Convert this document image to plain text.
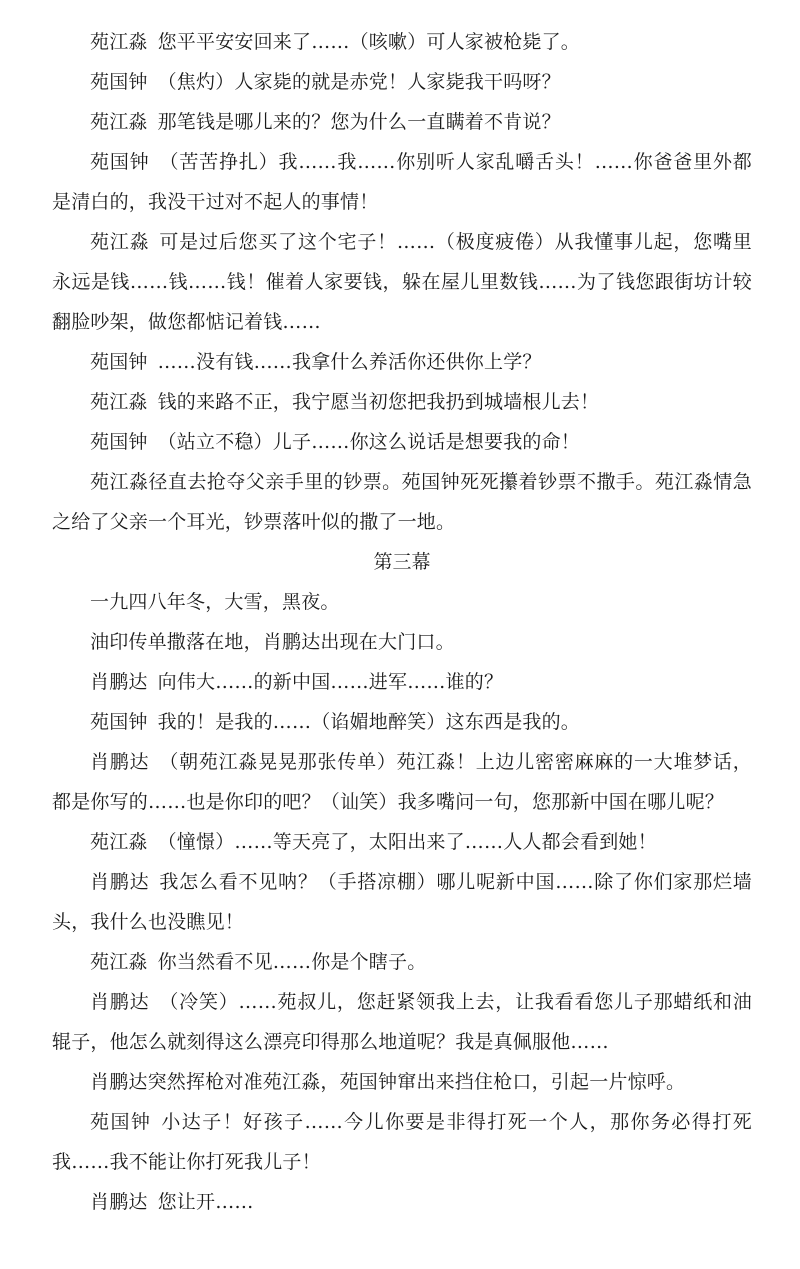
苑江淼 您平平安安回来了……（咳嗽）可人家被枪毙了。

苑国钟 （焦灼）人家毙的就是赤党！人家毙我干吗呀？

苑江淼 那笔钱是哪儿来的？您为什么一直瞒着不肯说？

苑国钟 （苦苦挣扎）我……我……你别听人家乱嚼舌头！……你爸爸里外都是清白的，我没干过对不起人的事情！

苑江淼 可是过后您买了这个宅子！……（极度疲倦）从我懂事儿起，您嘴里永远是钱……钱……钱！催着人家要钱，躲在屋儿里数钱……为了钱您跟街坊计较翻脸吵架，做您都惦记着钱……

苑国钟 ……没有钱……我拿什么养活你还供你上学？

苑江淼 钱的来路不正，我宁愿当初您把我扔到城墙根儿去！

苑国钟 （站立不稳）儿子……你这么说话是想要我的命！

苑江淼径直去抢夺父亲手里的钞票。苑国钟死死攥着钞票不撒手。苑江淼情急之给了父亲一个耳光，钞票落叶似的撒了一地。

第三幕

一九四八年冬，大雪，黑夜。

油印传单撒落在地，肖鹏达出现在大门口。

肖鹏达 向伟大……的新中国……进军……谁的？

苑国钟 我的！是我的……（谄媚地醉笑）这东西是我的。

肖鹏达 （朝苑江淼晃晃那张传单）苑江淼！上边儿密密麻麻的一大堆梦话，都是你写的……也是你印的吧？（讪笑）我多嘴问一句，您那新中国在哪儿呢？

苑江淼 （憧憬）……等天亮了，太阳出来了……人人都会看到她！

肖鹏达 我怎么看不见呐？（手搭凉棚）哪儿呢新中国……除了你们家那烂墙头，我什么也没瞧见！

苑江淼 你当然看不见……你是个瞎子。

肖鹏达 （冷笑）……苑叔儿，您赶紧领我上去，让我看看您儿子那蜡纸和油辊子，他怎么就刻得这么漂亮印得那么地道呢？我是真佩服他……

肖鹏达突然挥枪对准苑江淼，苑国钟窜出来挡住枪口，引起一片惊呼。

苑国钟 小达子！好孩子……今儿你要是非得打死一个人，那你务必得打死我……我不能让你打死我儿子！

肖鹏达 您让开……
